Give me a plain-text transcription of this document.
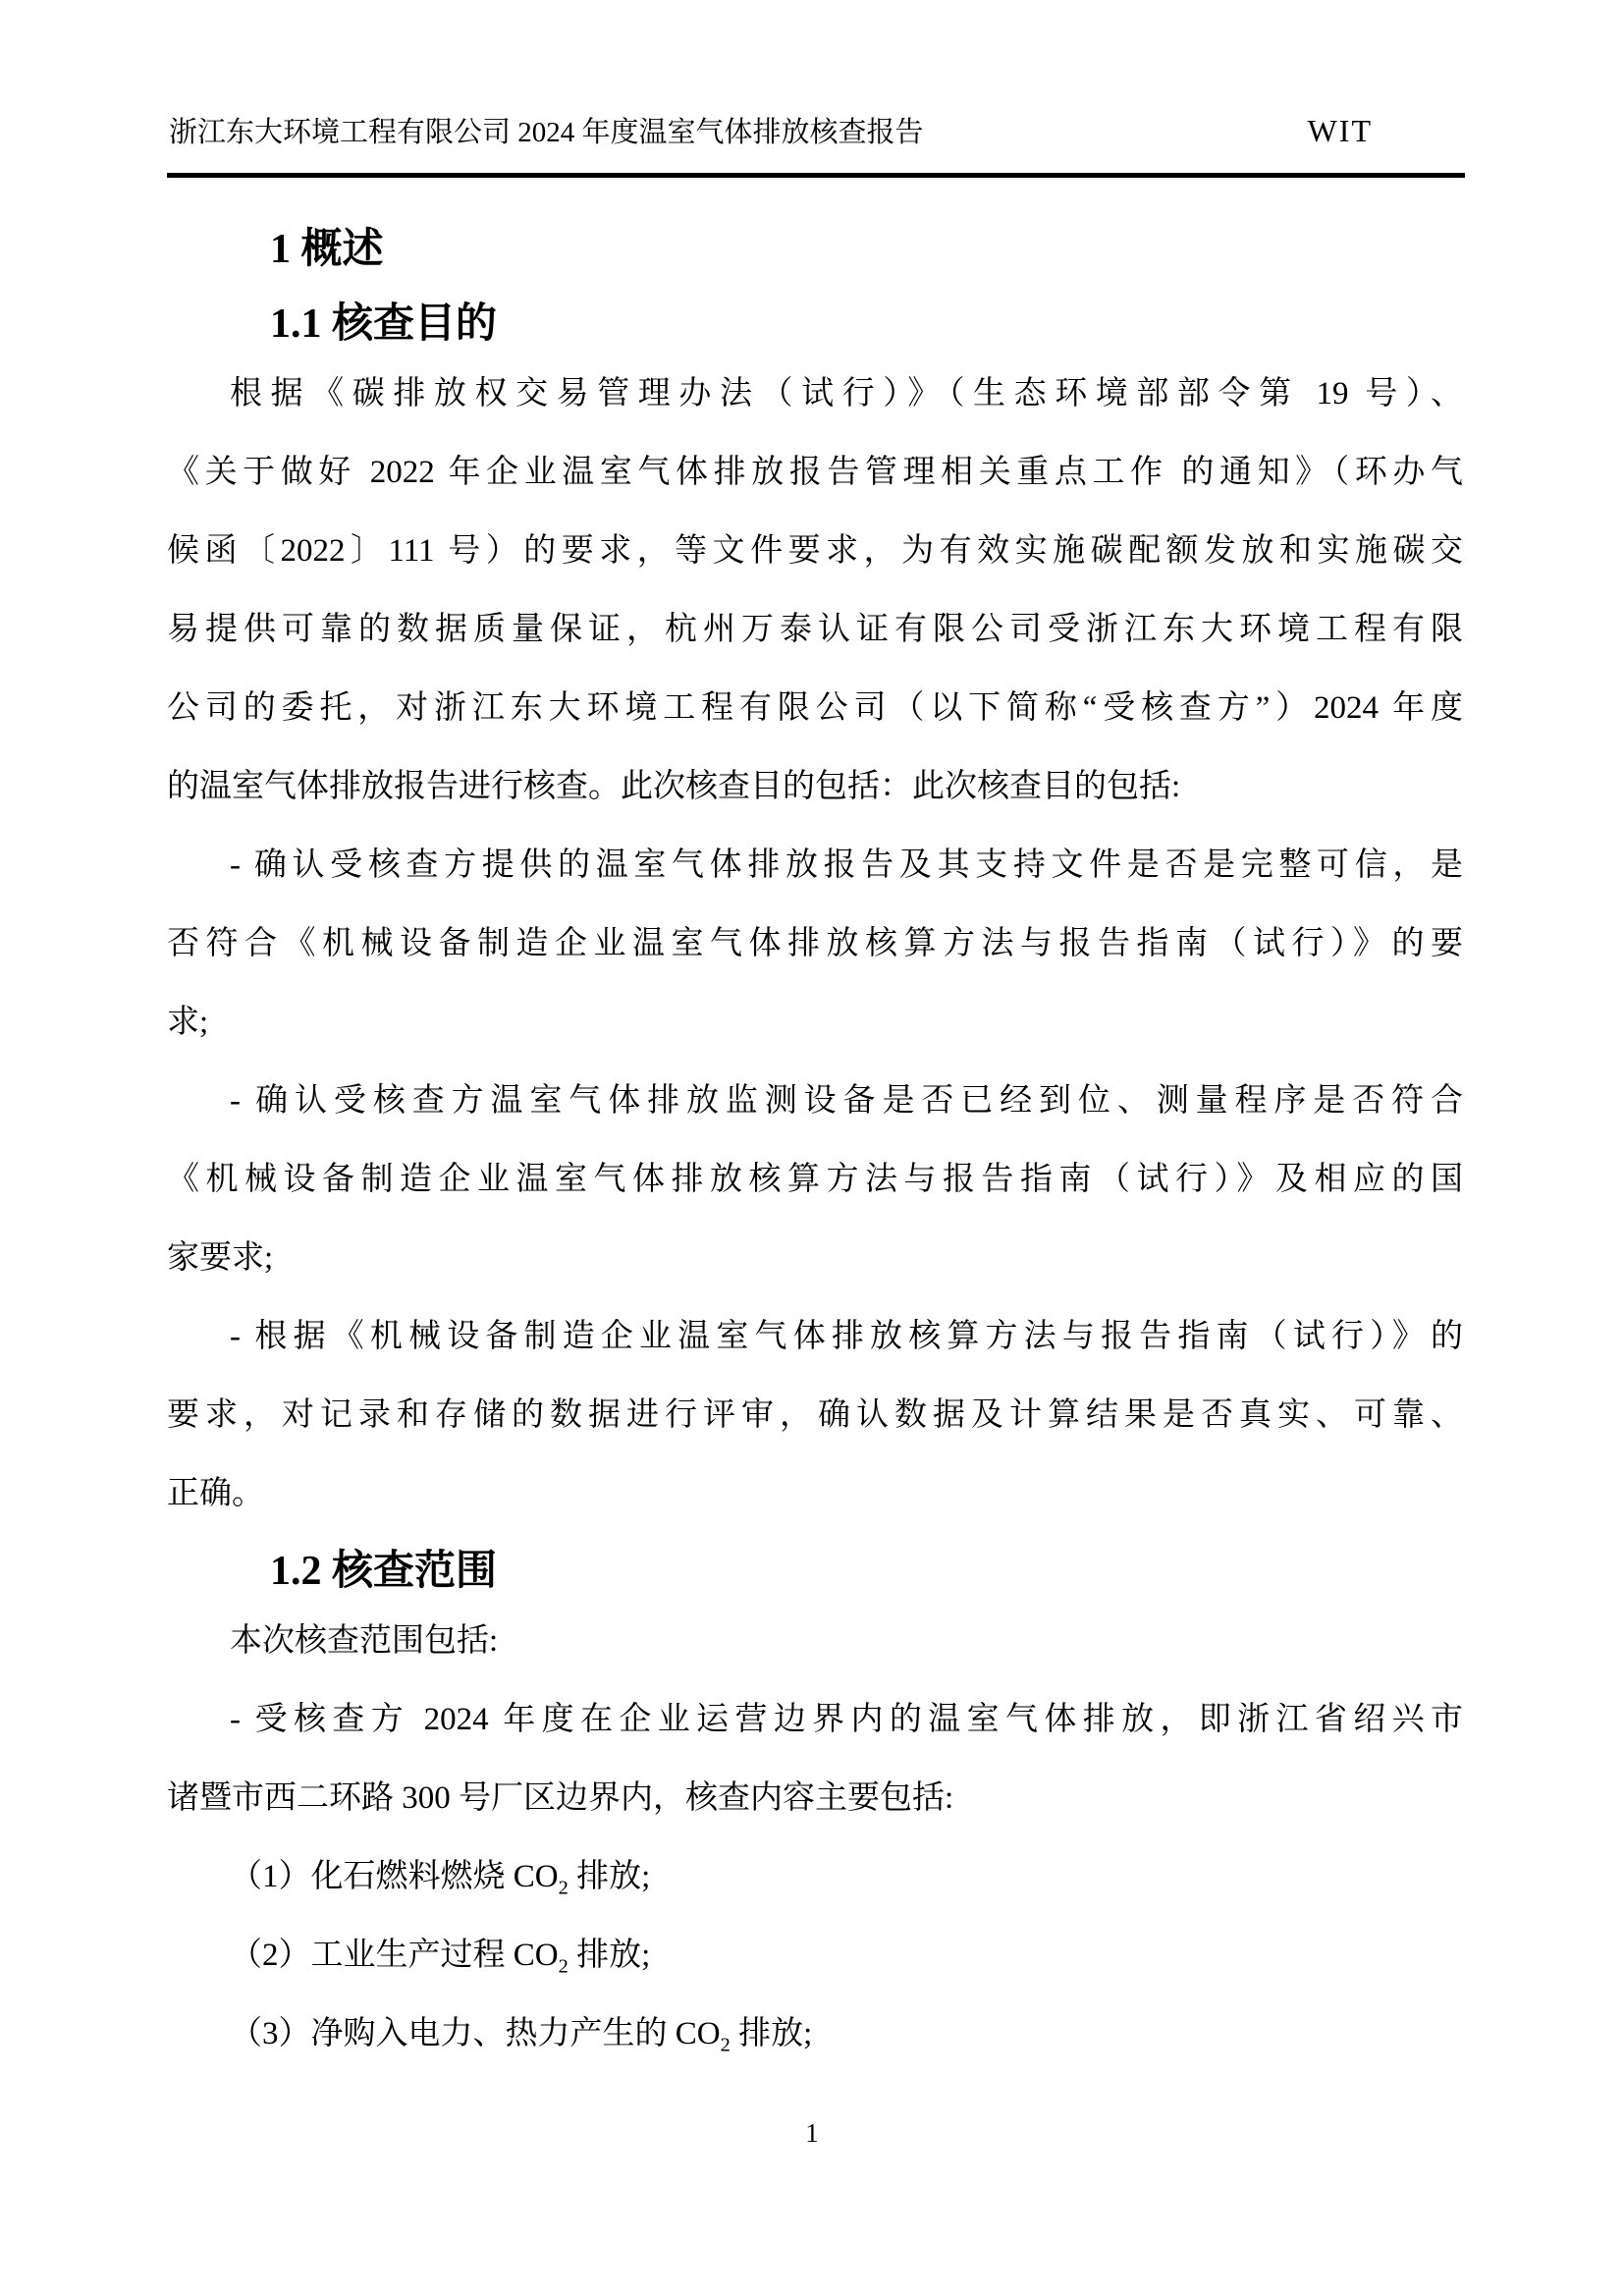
浙江东大环境工程有限公司 2024 年度温室气体排放核查报告	WIT
1 概述
1.1 核查目的
根据《碳排放权交易管理办法（试行）》（生态环境部部令第 19 号）、
《关于做好 2022 年企业温室气体排放报告管理相关重点工作 的通知》（环办气
候函〔2022〕111 号）的要求，等文件要求，为有效实施碳配额发放和实施碳交
易提供可靠的数据质量保证，杭州万泰认证有限公司受浙江东大环境工程有限
公司的委托，对浙江东大环境工程有限公司（以下简称“受核查方”）2024 年度
的温室气体排放报告进行核查。此次核查目的包括：此次核查目的包括:
- 确认受核查方提供的温室气体排放报告及其支持文件是否是完整可信，是
否符合《机械设备制造企业温室气体排放核算方法与报告指南（试行）》的要
求;
- 确认受核查方温室气体排放监测设备是否已经到位、测量程序是否符合
《机械设备制造企业温室气体排放核算方法与报告指南（试行）》及相应的国
家要求;
- 根据《机械设备制造企业温室气体排放核算方法与报告指南（试行）》的
要求，对记录和存储的数据进行评审，确认数据及计算结果是否真实、可靠、
正确。
1.2 核查范围
本次核查范围包括:
- 受核查方 2024 年度在企业运营边界内的温室气体排放，即浙江省绍兴市
诸暨市西二环路 300 号厂区边界内，核查内容主要包括:
（1）化石燃料燃烧 $CO_2$ 排放;
（2）工业生产过程 $CO_2$ 排放;
（3）净购入电力、热力产生的 $CO_2$ 排放;
1
